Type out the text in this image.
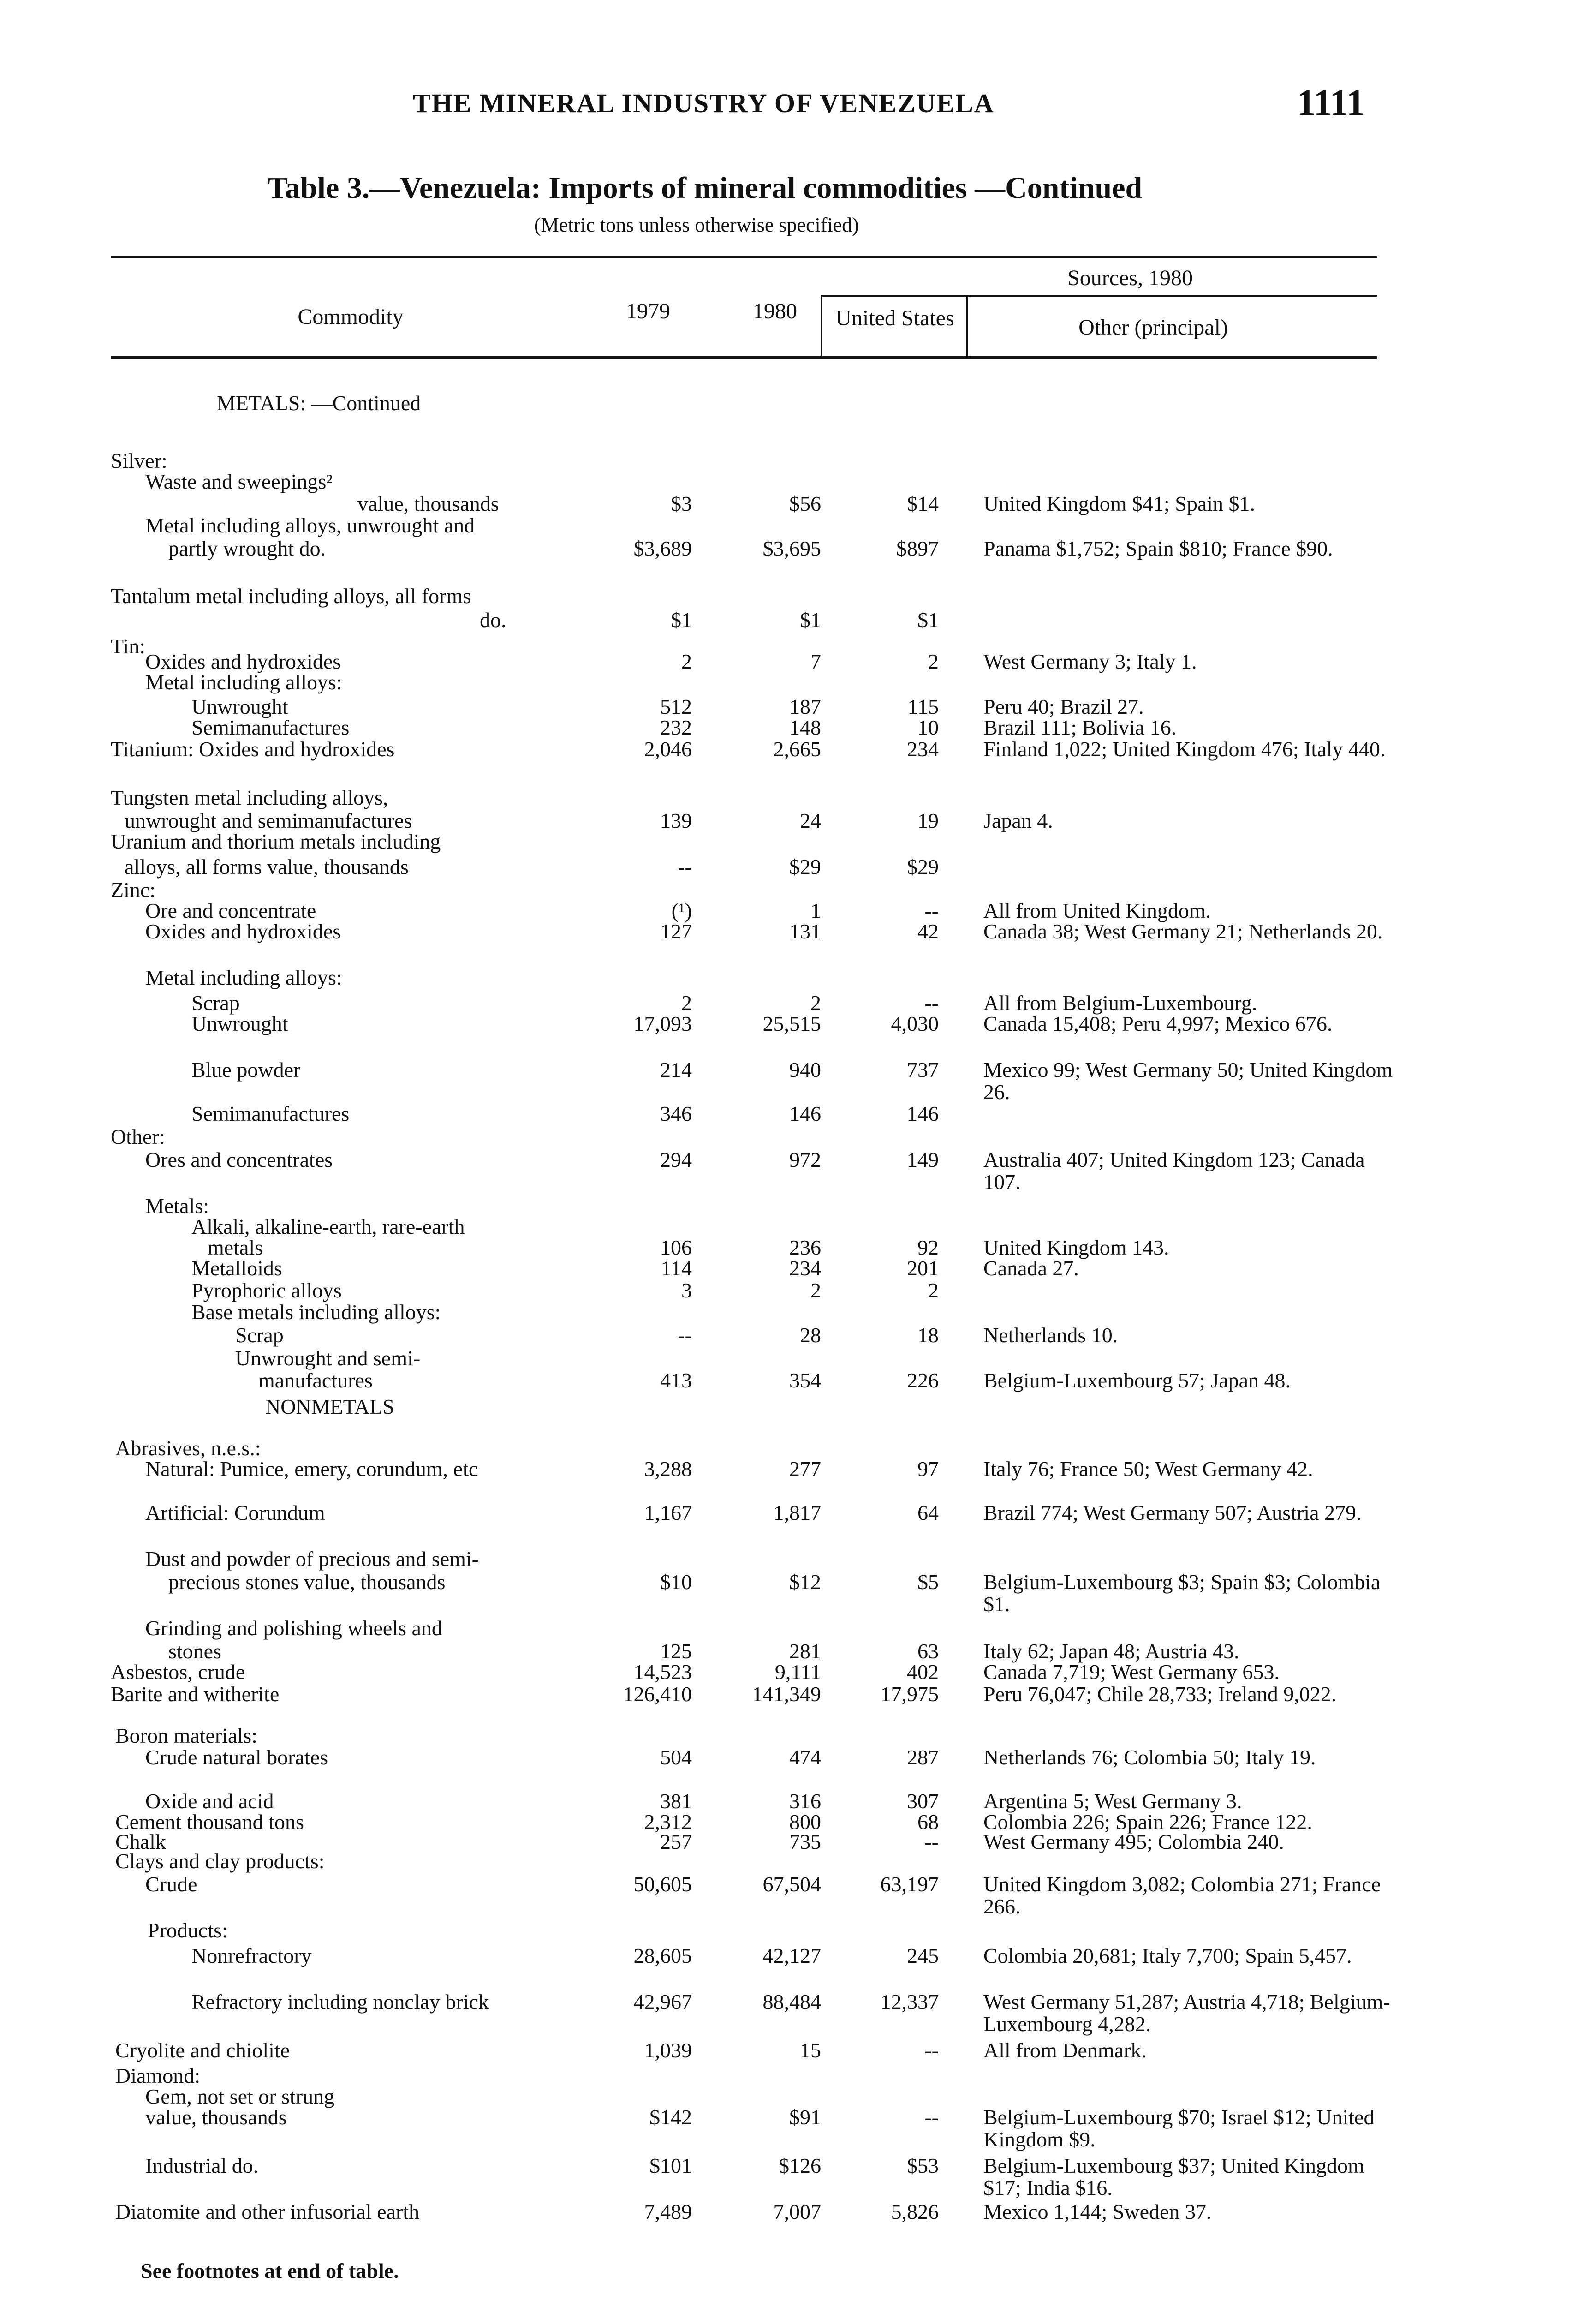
THE MINERAL INDUSTRY OF VENEZUELA	1111
Table 3.—Venezuela: Imports of mineral commodities —Continued
(Metric tons unless otherwise specified)
Commodity	1979	1980
Sources, 1980
United States	Other (principal)
METALS: —Continued
Silver:
Waste and sweepings²
value, thousands	$3	$56	$14 United Kingdom $41; Spain $1.
Metal including alloys, unwrought and
partly wrought do.	$3,689	$3,695	$897 Panama $1,752; Spain $810; France $90.
Tantalum metal including alloys, all forms
do.	$1	$1	$1
Tin:
Oxides and hydroxides	2	7	2 West Germany 3; Italy 1.
Metal including alloys:
Unwrought	512	187	115 Peru 40; Brazil 27.
Semimanufactures	232	148	10 Brazil 111; Bolivia 16.
Titanium: Oxides and hydroxides	2,046	2,665	234 Finland 1,022; United Kingdom 476; Italy 440.
Tungsten metal including alloys,
unwrought and semimanufactures	139	24	19 Japan 4.
Uranium and thorium metals including
alloys, all forms value, thousands	--	$29	$29
Zinc:
Ore and concentrate	(¹)	1	-- All from United Kingdom.
Oxides and hydroxides	127	131	42 Canada 38; West Germany 21; Netherlands 20.
Metal including alloys:
Scrap	2	2	-- All from Belgium-Luxembourg.
Unwrought	17,093	25,515	4,030 Canada 15,408; Peru 4,997; Mexico 676.
Blue powder	214	940	737 Mexico 99; West Germany 50; United Kingdom 26.
Semimanufactures	346	146	146
Other:
Ores and concentrates	294	972	149 Australia 407; United Kingdom 123; Canada 107.
Metals:
Alkali, alkaline-earth, rare-earth
metals	106	236	92 United Kingdom 143.
Metalloids	114	234	201 Canada 27.
Pyrophoric alloys	3	2	2
Base metals including alloys:
Scrap	--	28	18 Netherlands 10.
Unwrought and semi-
manufactures	413	354	226 Belgium-Luxembourg 57; Japan 48.
NONMETALS
Abrasives, n.e.s.:
Natural: Pumice, emery, corundum, etc	3,288	277	97 Italy 76; France 50; West Germany 42.
Artificial: Corundum	1,167	1,817	64 Brazil 774; West Germany 507; Austria 279.
Dust and powder of precious and semi-
precious stones value, thousands	$10	$12	$5 Belgium-Luxembourg $3; Spain $3; Colombia $1.
Grinding and polishing wheels and
stones	125	281	63 Italy 62; Japan 48; Austria 43.
Asbestos, crude	14,523	9,111	402 Canada 7,719; West Germany 653.
Barite and witherite	126,410	141,349	17,975 Peru 76,047; Chile 28,733; Ireland 9,022.
Boron materials:
Crude natural borates	504	474	287 Netherlands 76; Colombia 50; Italy 19.
Oxide and acid	381	316	307 Argentina 5; West Germany 3.
Cement thousand tons	2,312	800	68 Colombia 226; Spain 226; France 122.
Chalk	257	735	-- West Germany 495; Colombia 240.
Clays and clay products:
Crude	50,605	67,504	63,197 United Kingdom 3,082; Colombia 271; France 266.
Products:
Nonrefractory	28,605	42,127	245 Colombia 20,681; Italy 7,700; Spain 5,457.
Refractory including nonclay brick	42,967	88,484	12,337 West Germany 51,287; Austria 4,718; Belgium-Luxembourg 4,282.
Cryolite and chiolite	1,039	15	-- All from Denmark.
Diamond:
Gem, not set or strung
value, thousands	$142	$91	-- Belgium-Luxembourg $70; Israel $12; United Kingdom $9.
Industrial do.	$101	$126	$53 Belgium-Luxembourg $37; United Kingdom $17; India $16.
Diatomite and other infusorial earth	7,489	7,007	5,826 Mexico 1,144; Sweden 37.
See footnotes at end of table.
